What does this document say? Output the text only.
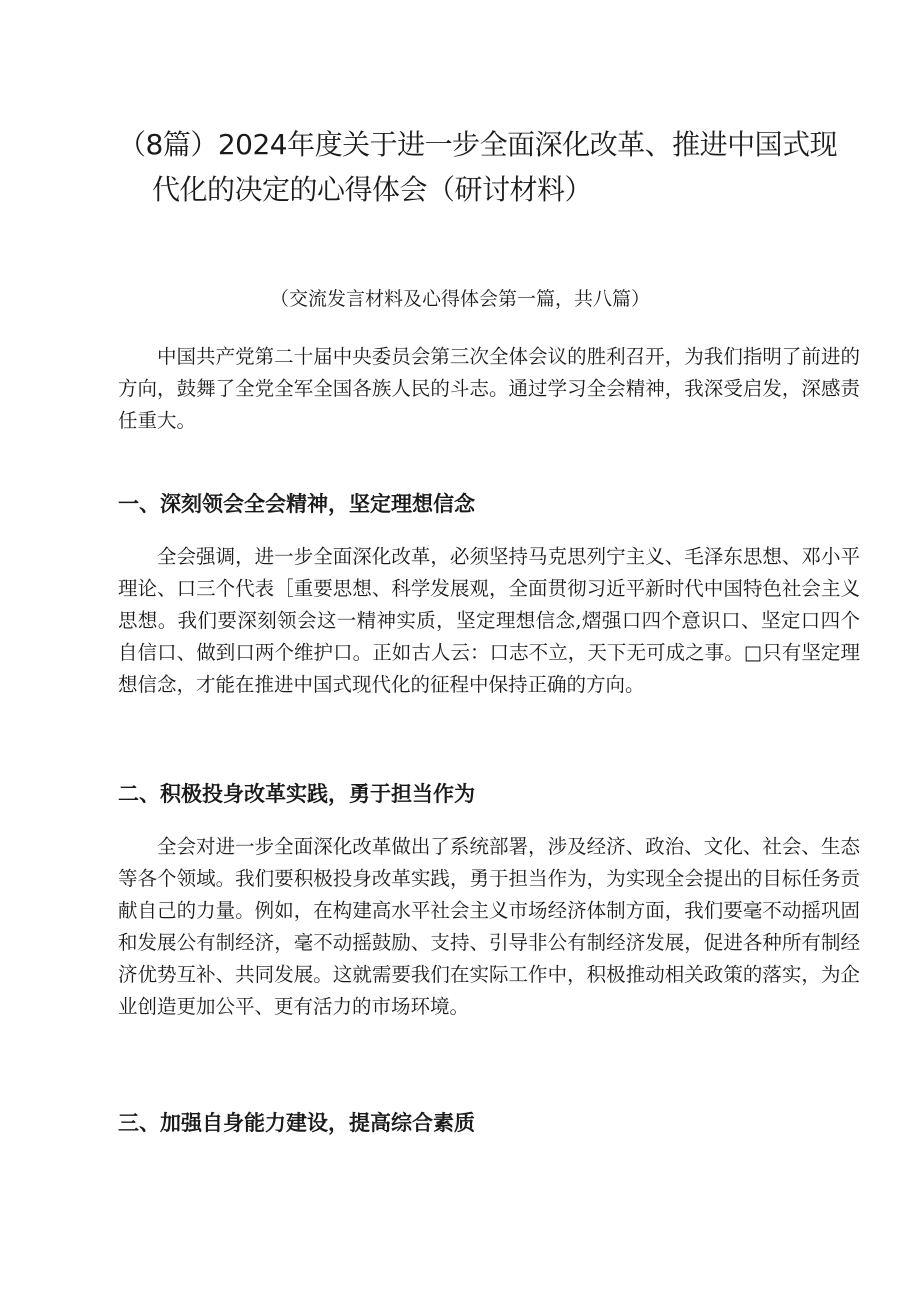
（8篇）2024年度关于进一步全面深化改革、推进中国式现
代化的决定的心得体会（研讨材料）
（交流发言材料及心得体会第一篇，共八篇）

中国共产党第二十届中央委员会第三次全体会议的胜利召开，为我们指明了前进的方向，鼓舞了全党全军全国各族人民的斗志。通过学习全会精神，我深受启发，深感责任重大。

一、深刻领会全会精神，坚定理想信念

全会强调，进一步全面深化改革，必须坚持马克思列宁主义、毛泽东思想、邓小平理论、口三个代表［重要思想、科学发展观，全面贯彻习近平新时代中国特色社会主义思想。我们要深刻领会这一精神实质，坚定理想信念,熠强口四个意识口、坚定口四个自信口、做到口两个维护口。正如古人云：口志不立，天下无可成之事。□只有坚定理想信念，才能在推进中国式现代化的征程中保持正确的方向。

二、积极投身改革实践，勇于担当作为

全会对进一步全面深化改革做出了系统部署，涉及经济、政治、文化、社会、生态等各个领域。我们要积极投身改革实践，勇于担当作为，为实现全会提出的目标任务贡献自己的力量。例如，在构建高水平社会主义市场经济体制方面，我们要毫不动摇巩固和发展公有制经济，毫不动摇鼓励、支持、引导非公有制经济发展，促进各种所有制经济优势互补、共同发展。这就需要我们在实际工作中，积极推动相关政策的落实，为企业创造更加公平、更有活力的市场环境。

三、加强自身能力建设，提高综合素质
